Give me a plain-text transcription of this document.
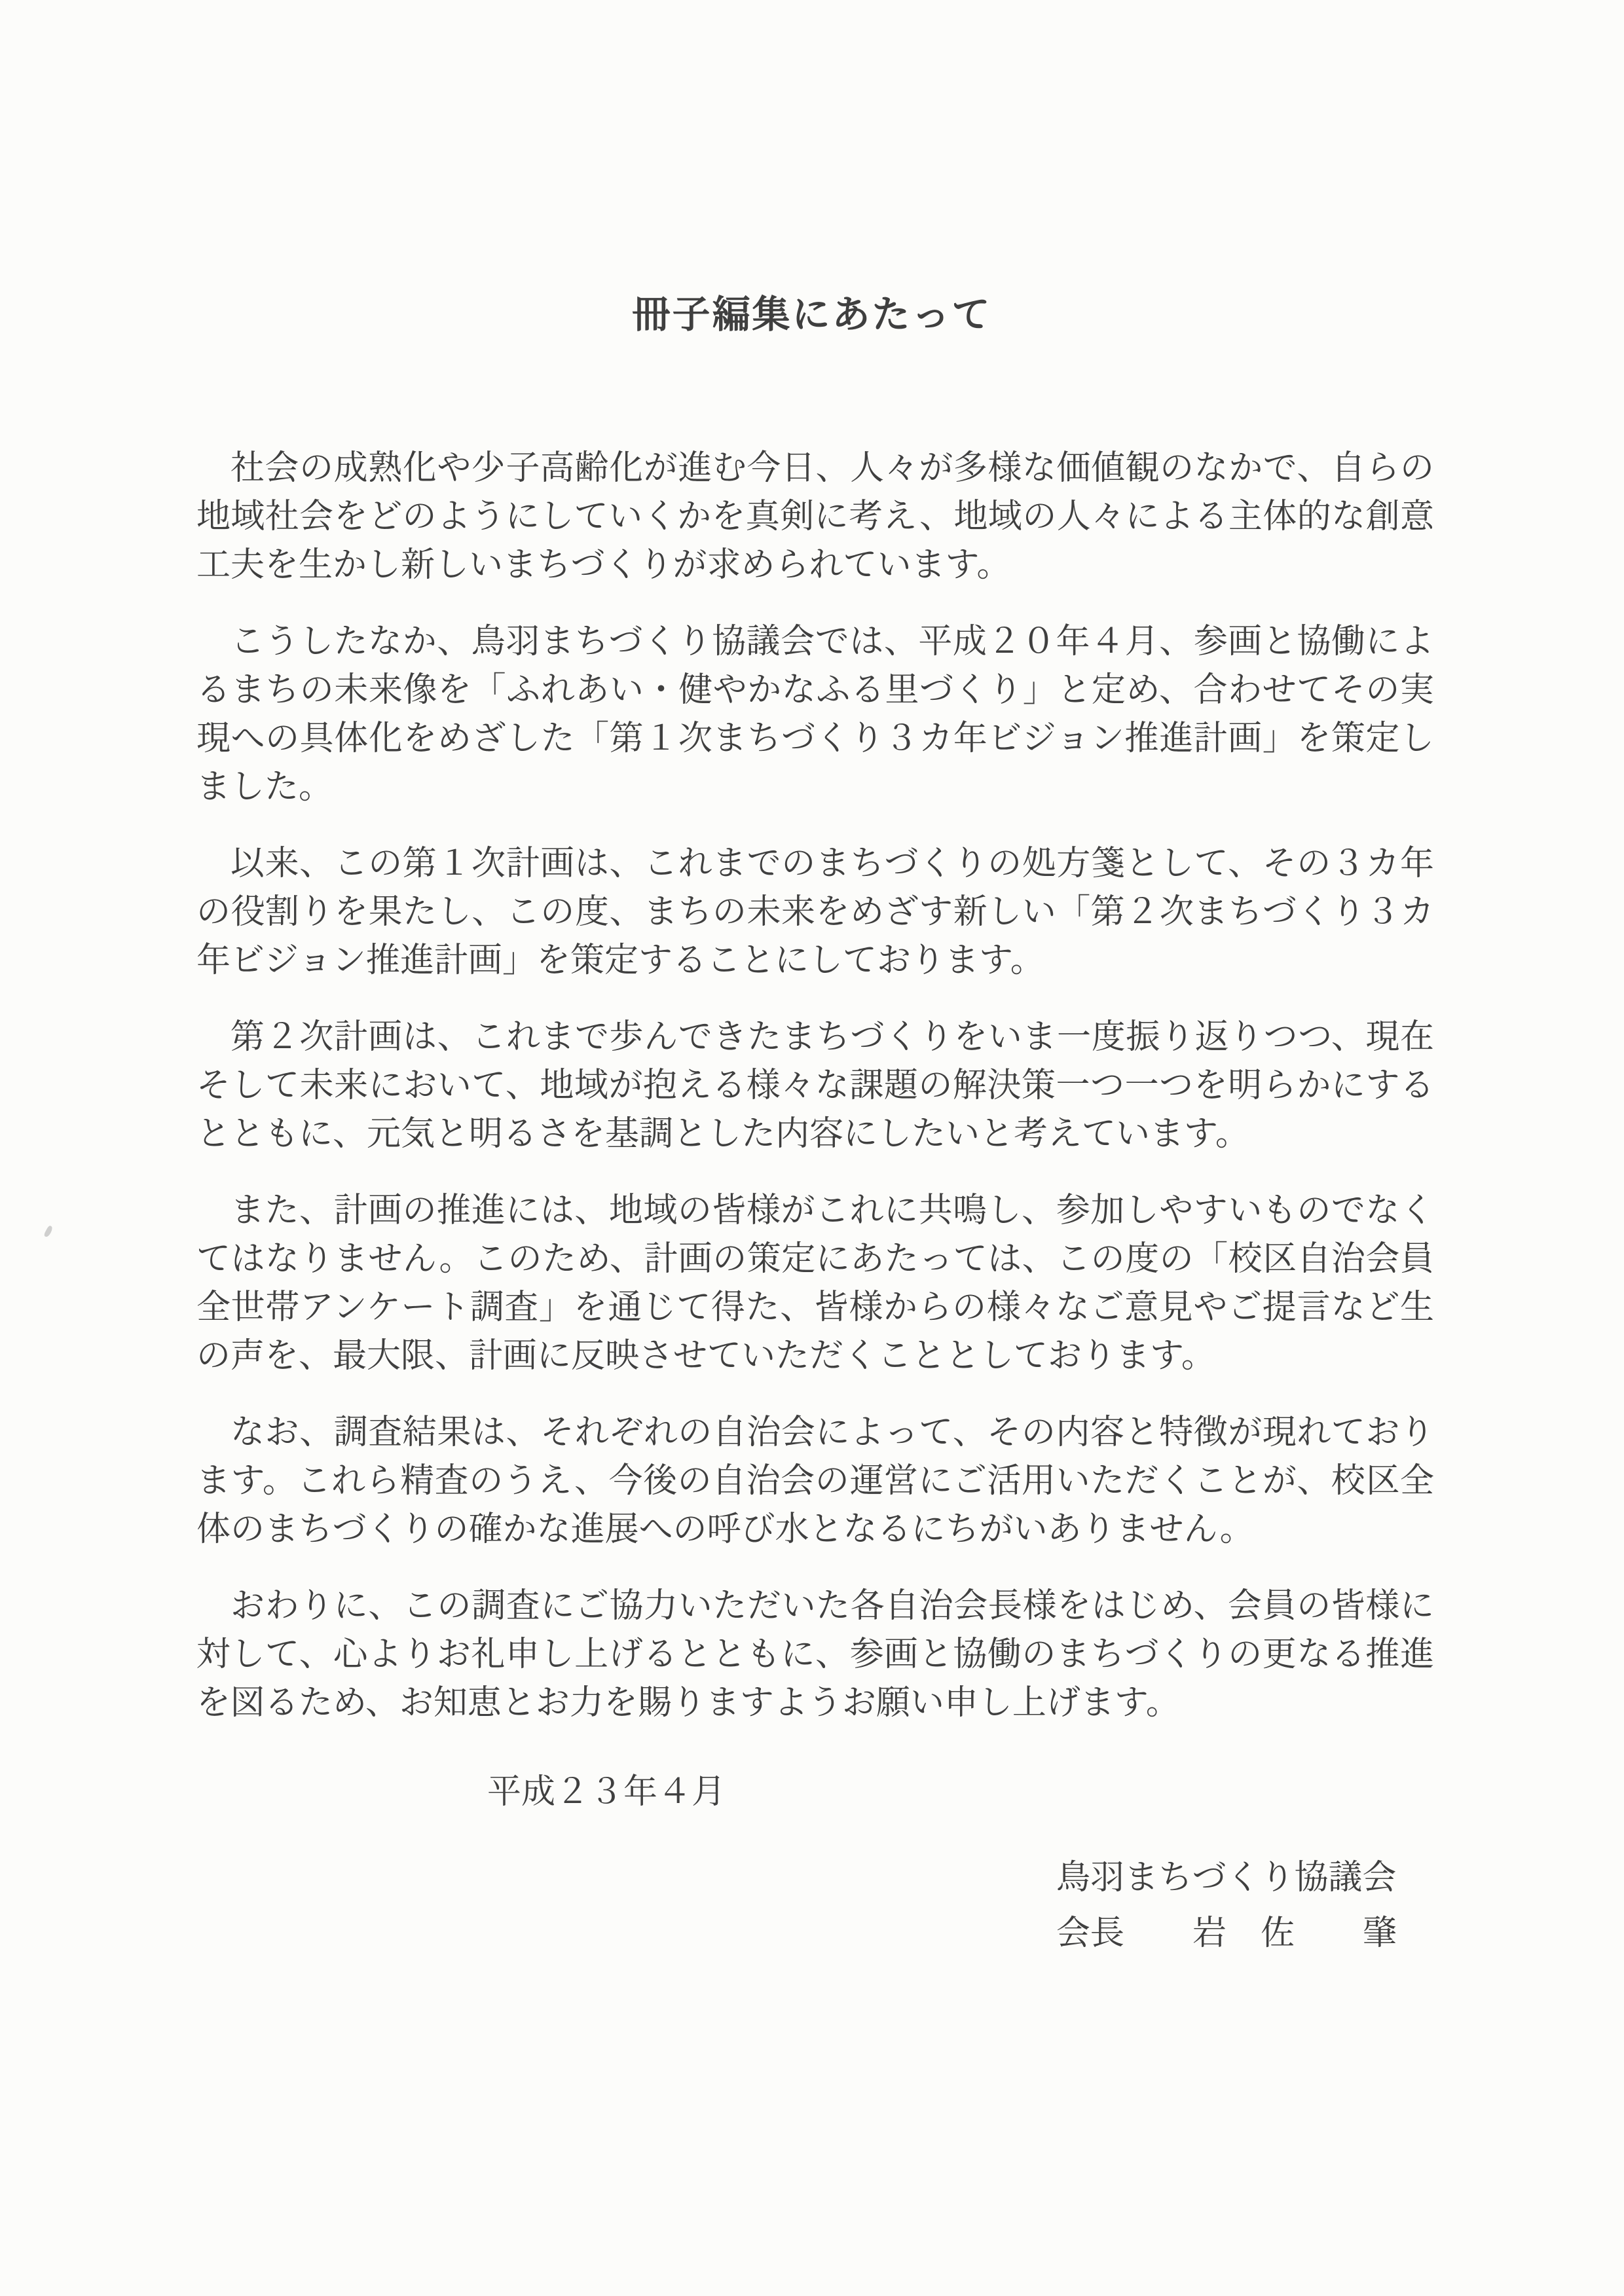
冊子編集にあたって

社会の成熟化や少子高齢化が進む今日、人々が多様な価値観のなかで、自らの地域社会をどのようにしていくかを真剣に考え、地域の人々による主体的な創意工夫を生かし新しいまちづくりが求められています。

こうしたなか、鳥羽まちづくり協議会では、平成２０年４月、参画と協働によるまちの未来像を「ふれあい・健やかなふる里づくり」と定め、合わせてその実現への具体化をめざした「第１次まちづくり３カ年ビジョン推進計画」を策定しました。

以来、この第１次計画は、これまでのまちづくりの処方箋として、その３カ年の役割りを果たし、この度、まちの未来をめざす新しい「第２次まちづくり３カ年ビジョン推進計画」を策定することにしております。

第２次計画は、これまで歩んできたまちづくりをいま一度振り返りつつ、現在そして未来において、地域が抱える様々な課題の解決策一つ一つを明らかにするとともに、元気と明るさを基調とした内容にしたいと考えています。

また、計画の推進には、地域の皆様がこれに共鳴し、参加しやすいものでなくてはなりません。このため、計画の策定にあたっては、この度の「校区自治会員全世帯アンケート調査」を通じて得た、皆様からの様々なご意見やご提言など生の声を、最大限、計画に反映させていただくこととしております。

なお、調査結果は、それぞれの自治会によって、その内容と特徴が現れております。これら精査のうえ、今後の自治会の運営にご活用いただくことが、校区全体のまちづくりの確かな進展への呼び水となるにちがいありません。

おわりに、この調査にご協力いただいた各自治会長様をはじめ、会員の皆様に対して、心よりお礼申し上げるとともに、参画と協働のまちづくりの更なる推進を図るため、お知恵とお力を賜りますようお願い申し上げます。

平成２３年４月

鳥羽まちづくり協議会

会長　　岩　佐　　肇
